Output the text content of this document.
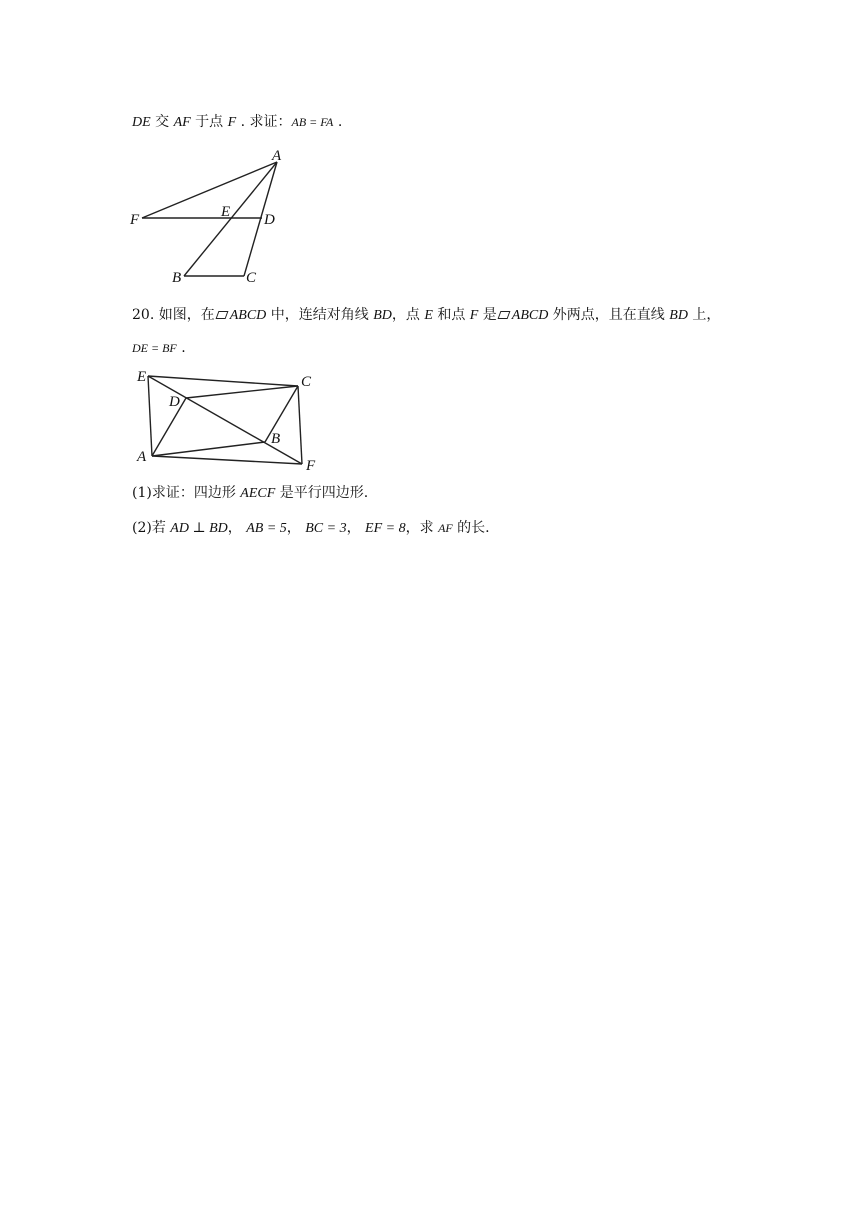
DE 交 AF 于点 F . 求证：AB = FA .
A
F	E D
B	C
20. 如图，在 ABCD 中，连结对角线 BD，点 E 和点 F 是 ABCD 外两点，且在直线 BD 上，
DE = BF .
E	C
D
B
A
F
(1)求证：四边形 AECF 是平行四边形.
(2)若 AD ⊥ BD， AB = 5， BC = 3， EF = 8，求 AF 的长.
